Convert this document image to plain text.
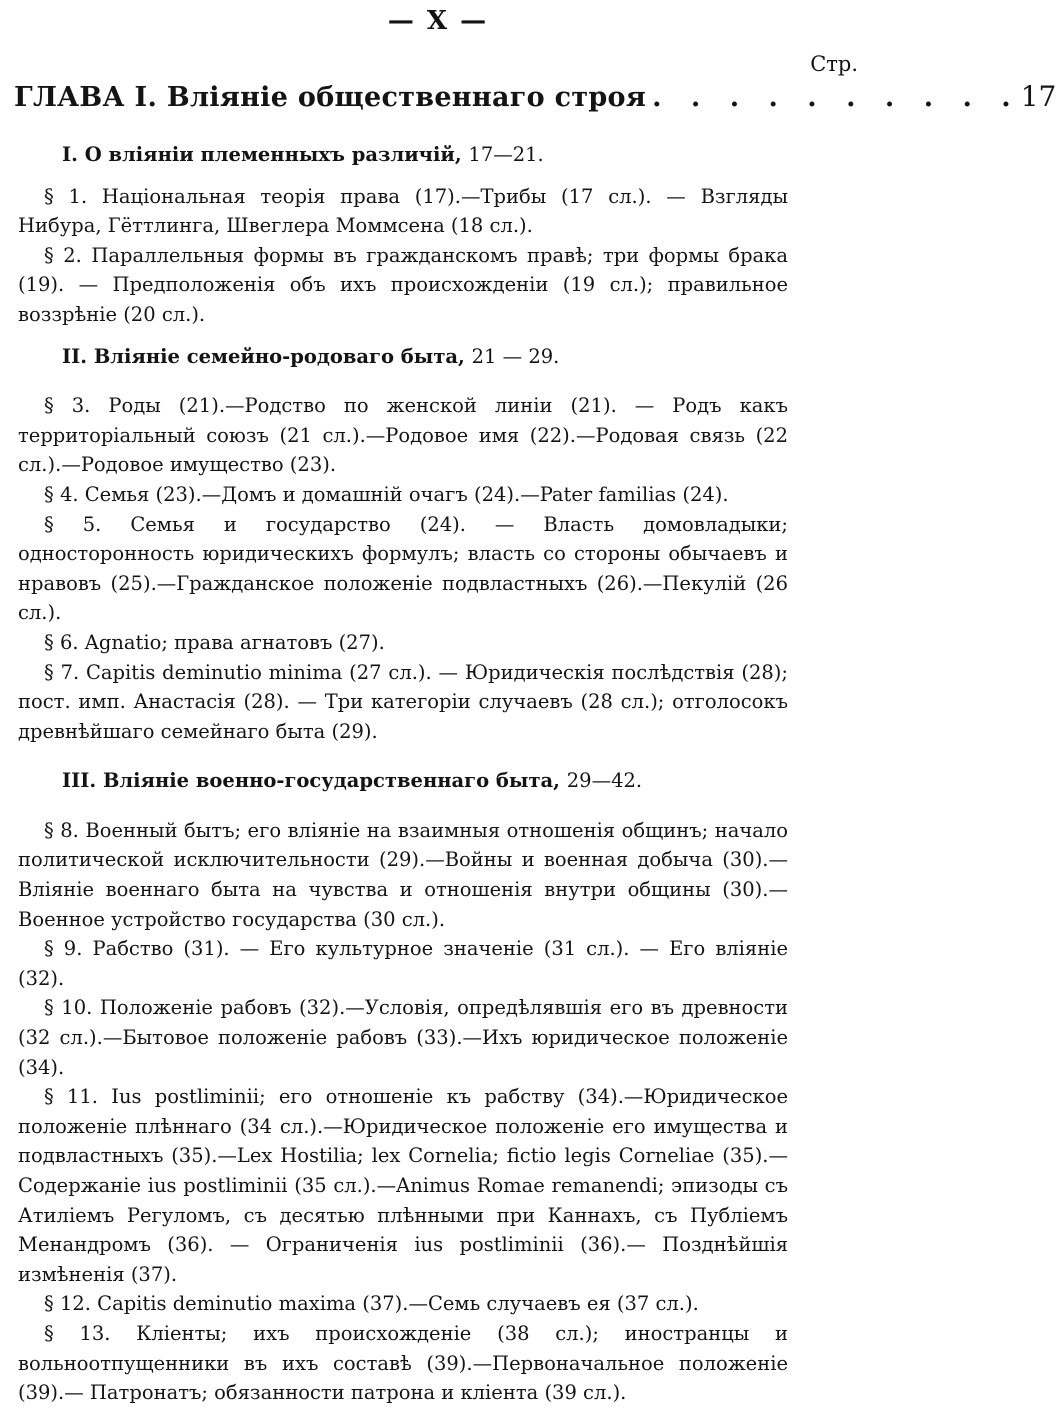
— X —
Стр.
ГЛАВА I. Вліяніе общественнаго строя . . . . . . . . . . 17
I. О вліяніи племенныхъ различій, 17—21.

§ 1. Національная теорія права (17).—Трибы (17 сл.). — Взгляды Нибура, Гёттлинга, Швеглера Моммсена (18 сл.).

§ 2. Параллельныя формы въ гражданскомъ правѣ; три формы брака (19). — Предположенія объ ихъ происхожденіи (19 сл.); правильное воззрѣніе (20 сл.).

II. Вліяніе семейно-родоваго быта, 21 — 29.

§ 3. Роды (21).—Родство по женской линіи (21). — Родъ какъ территоріальный союзъ (21 сл.).—Родовое имя (22).—Родовая связь (22 сл.).—Родовое имущество (23).

§ 4. Семья (23).—Домъ и домашній очагъ (24).—Pater familias (24).

§ 5. Семья и государство (24). — Власть домовладыки; односторонность юридическихъ формулъ; власть со стороны обычаевъ и нравовъ (25).—Гражданское положеніе подвластныхъ (26).—Пекулій (26 сл.).

§ 6. Agnatio; права агнатовъ (27).

§ 7. Capitis deminutio minima (27 сл.). — Юридическія послѣдствія (28); пост. имп. Анастасія (28). — Три категоріи случаевъ (28 сл.); отголосокъ древнѣйшаго семейнаго быта (29).

III. Вліяніе военно-государственнаго быта, 29—42.

§ 8. Военный бытъ; его вліяніе на взаимныя отношенія общинъ; начало политической исключительности (29).—Войны и военная добыча (30).—Вліяніе военнаго быта на чувства и отношенія внутри общины (30).—Военное устройство государства (30 сл.).

§ 9. Рабство (31). — Его культурное значеніе (31 сл.). — Его вліяніе (32).

§ 10. Положеніе рабовъ (32).—Условія, опредѣлявшія его въ древности (32 сл.).—Бытовое положеніе рабовъ (33).—Ихъ юридическое положеніе (34).

§ 11. Ius postliminii; его отношеніе къ рабству (34).—Юридическое положеніе плѣннаго (34 сл.).—Юридическое положеніе его имущества и подвластныхъ (35).—Lex Hostilia; lex Cornelia; fictio legis Corneliae (35).—Содержаніе ius postliminii (35 сл.).—Animus Romae remanendi; эпизоды съ Атиліемъ Регуломъ, съ десятью плѣнными при Каннахъ, съ Публіемъ Менандромъ (36). — Ограниченія ius postliminii (36).— Позднѣйшія измѣненія (37).

§ 12. Capitis deminutio maxima (37).—Семь случаевъ ея (37 сл.).

§ 13. Кліенты; ихъ происхожденіе (38 сл.); иностранцы и вольноотпущенники въ ихъ составѣ (39).—Первоначальное положеніе (39).— Патронатъ; обязанности патрона и кліента (39 сл.).
